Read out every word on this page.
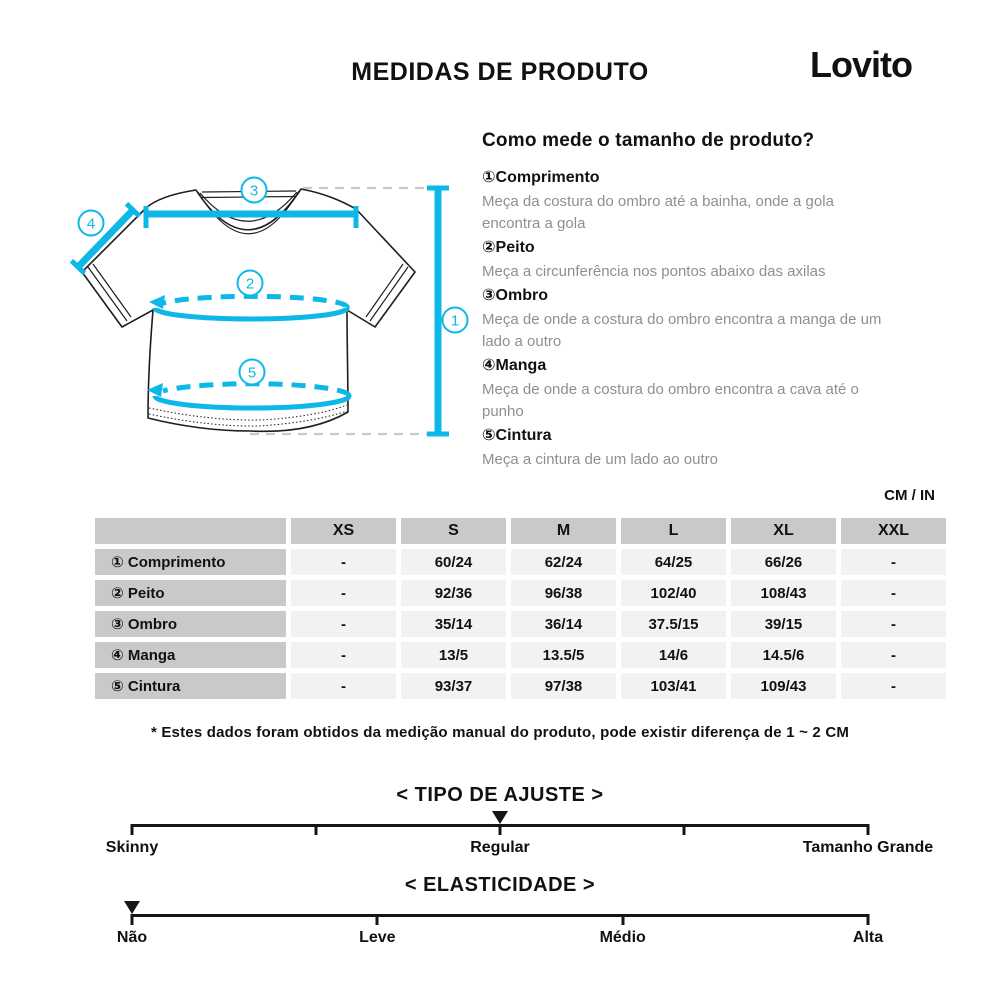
MEDIDAS DE PRODUTO	Lovito
3
4
2
5
1
Como mede o tamanho de produto?
①Comprimento
Meça da costura do ombro até a bainha, onde a gola encontra a gola
②Peito
Meça a circunferência nos pontos abaixo das axilas
③Ombro
Meça de onde a costura do ombro encontra a manga de um lado a outro
④Manga
Meça de onde a costura do ombro encontra a cava até o punho
⑤Cintura
Meça a cintura de um lado ao outro
CM / IN
	XS	S	M	L	XL	XXL
① Comprimento	-	60/24	62/24	64/25	66/26	-
② Peito	-	92/36	96/38	102/40	108/43	-
③ Ombro	-	35/14	36/14	37.5/15	39/15	-
④ Manga	-	13/5	13.5/5	14/6	14.5/6	-
⑤ Cintura	-	93/37	97/38	103/41	109/43	-
* Estes dados foram obtidos da medição manual do produto, pode existir diferença de 1 ~ 2 CM
< TIPO DE AJUSTE >
Skinny	Regular	Tamanho Grande
< ELASTICIDADE >
Não	Leve	Médio	Alta
